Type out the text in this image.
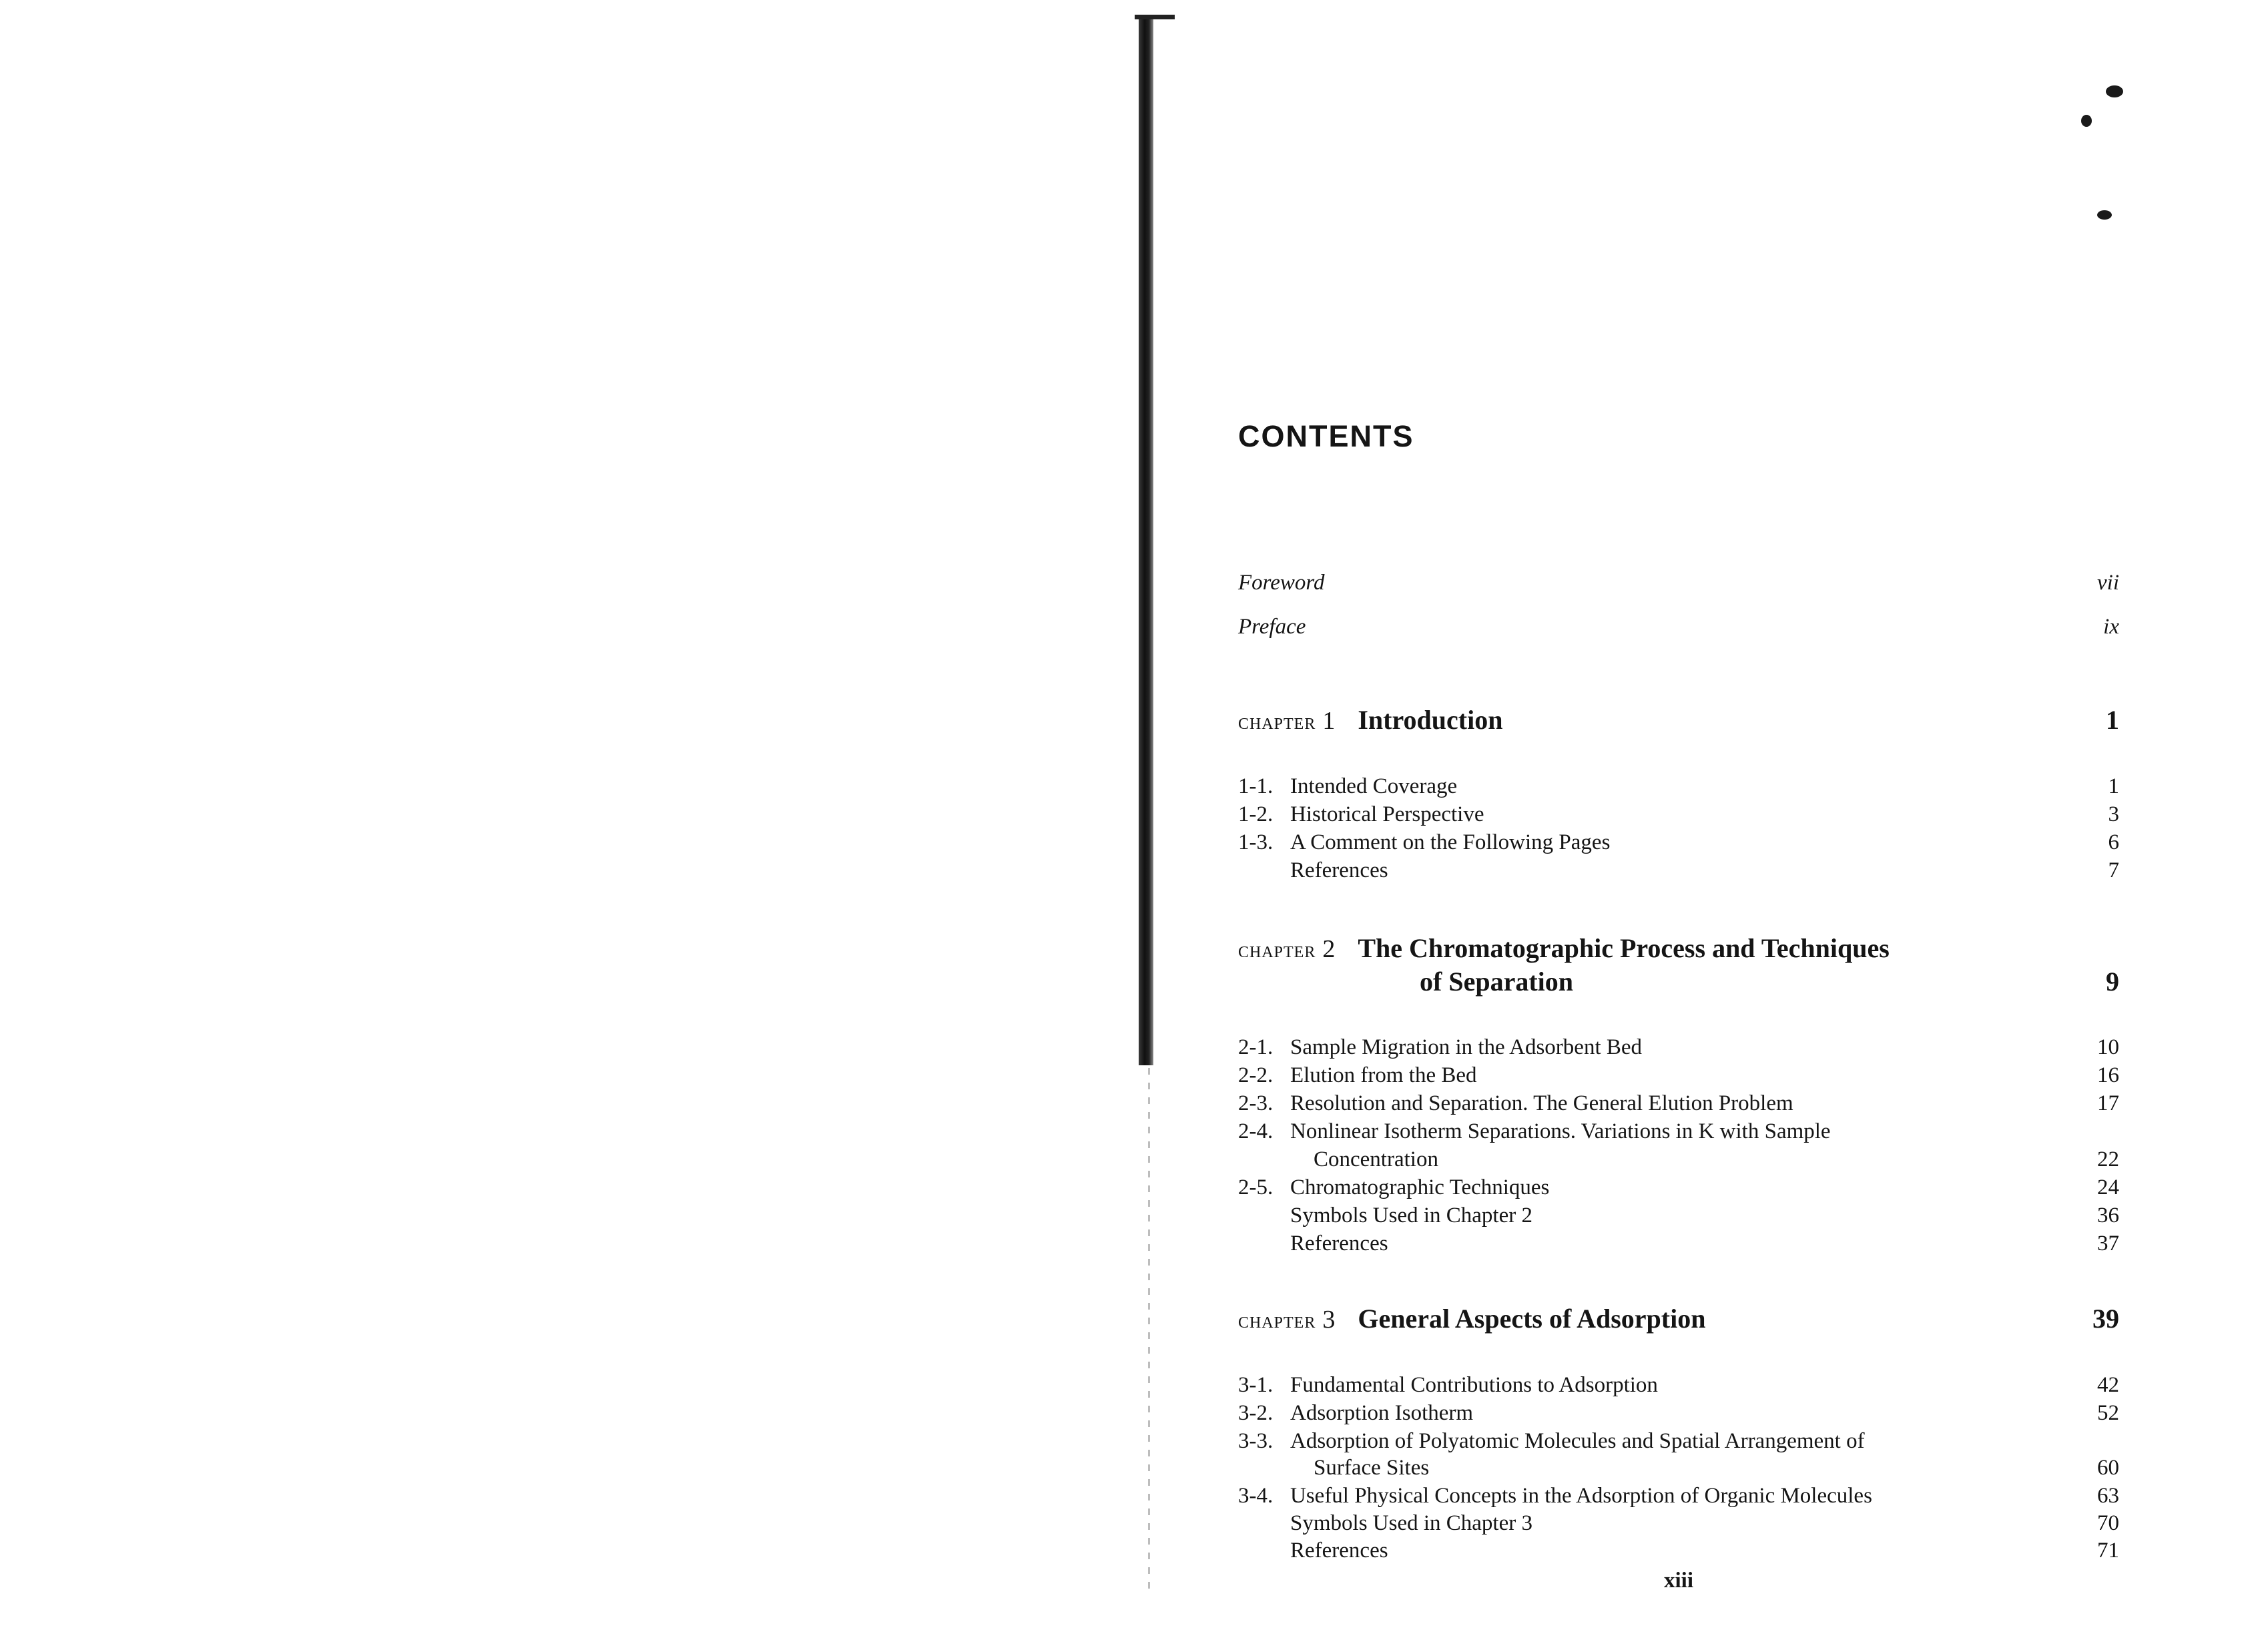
CONTENTS
Foreword	vii
Preface	ix
chapter 1 Introduction	1
1-1. Intended Coverage	1
1-2. Historical Perspective	3
1-3. A Comment on the Following Pages	6
References	7
chapter 2 The Chromatographic Process and Techniques
of Separation	9
2-1. Sample Migration in the Adsorbent Bed	10
2-2. Elution from the Bed	16
2-3. Resolution and Separation. The General Elution Problem	17
2-4. Nonlinear Isotherm Separations. Variations in K with Sample
Concentration	22
2-5. Chromatographic Techniques	24
Symbols Used in Chapter 2	36
References	37
chapter 3 General Aspects of Adsorption	39
3-1. Fundamental Contributions to Adsorption	42
3-2. Adsorption Isotherm	52
3-3. Adsorption of Polyatomic Molecules and Spatial Arrangement of
Surface Sites	60
3-4. Useful Physical Concepts in the Adsorption of Organic Molecules	63
Symbols Used in Chapter 3	70
References	71
xiii
